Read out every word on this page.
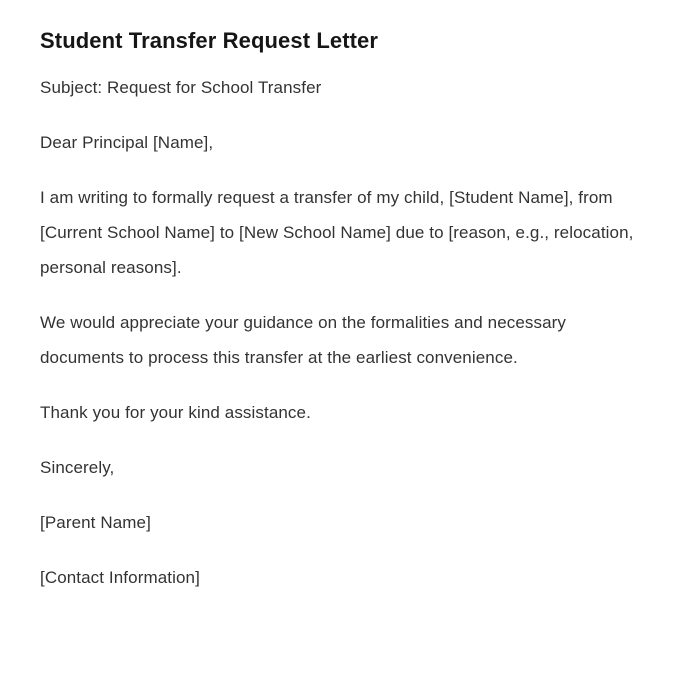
Student Transfer Request Letter

Subject: Request for School Transfer

Dear Principal [Name],

I am writing to formally request a transfer of my child, [Student Name], from [Current School Name] to [New School Name] due to [reason, e.g., relocation, personal reasons].

We would appreciate your guidance on the formalities and necessary documents to process this transfer at the earliest convenience.

Thank you for your kind assistance.

Sincerely,

[Parent Name]

[Contact Information]
